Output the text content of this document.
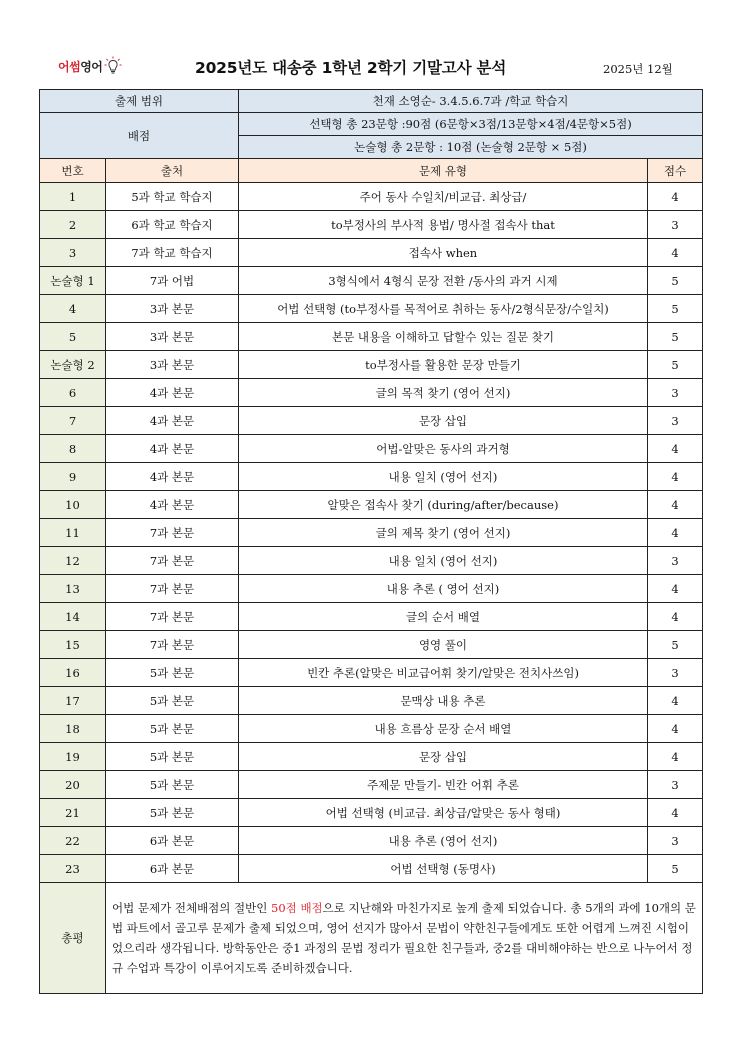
어썸영어	2025년도 대송중 1학년 2학기 기말고사 분석	2025년 12월
출제 범위		천재 소영순- 3.4.5.6.7과 /학교 학습지	
배점		선택형 총 23문항 :90점 (6문항×3점/13문항×4점/4문항×5점)	
		논술형 총 2문항 : 10점 (논술형 2문항 × 5점)	
번호	출처	문제 유형	점수
1	5과 학교 학습지	주어 동사 수일치/비교급. 최상급/	4
2	6과 학교 학습지	to부정사의 부사적 용법/ 명사절 접속사 that	3
3	7과 학교 학습지	접속사 when	4
논술형 1	7과 어법	3형식에서 4형식 문장 전환 /동사의 과거 시제	5
4	3과 본문	어법 선택형 (to부정사를 목적어로 취하는 동사/2형식문장/수일치)	5
5	3과 본문	본문 내용을 이해하고 답할수 있는 질문 찾기	5
논술형 2	3과 본문	to부정사를 활용한 문장 만들기	5
6	4과 본문	글의 목적 찾기 (영어 선지)	3
7	4과 본문	문장 삽입	3
8	4과 본문	어법-알맞은 동사의 과거형	4
9	4과 본문	내용 일치 (영어 선지)	4
10	4과 본문	알맞은 접속사 찾기 (during/after/because)	4
11	7과 본문	글의 제목 찾기 (영어 선지)	4
12	7과 본문	내용 일치 (영어 선지)	3
13	7과 본문	내용 추론 ( 영어 선지)	4
14	7과 본문	글의 순서 배열	4
15	7과 본문	영영 풀이	5
16	5과 본문	빈칸 추론(알맞은 비교급어휘 찾기/알맞은 전치사쓰임)	3
17	5과 본문	문맥상 내용 추론	4
18	5과 본문	내용 흐름상 문장 순서 배열	4
19	5과 본문	문장 삽입	4
20	5과 본문	주제문 만들기- 빈칸 어휘 추론	3
21	5과 본문	어법 선택형 (비교급. 최상급/알맞은 동사 형태)	4
22	6과 본문	내용 추론 (영어 선지)	3
23	6과 본문	어법 선택형 (동명사)	5
총평	어법 문제가 전체배점의 절반인 50점 배점으로 지난해와 마친가지로 높게 출제 되었습니다. 총 5개의 과에 10개의 문법 파트에서 골고루 문제가 출제 되었으며, 영어 선지가 많아서 문법이 약한친구들에게도 또한 어렵게 느껴진 시험이었으리라 생각됩니다. 방학동안은 중1 과정의 문법 정리가 필요한 친구들과, 중2를 대비해야하는 반으로 나누어서 정규 수업과 특강이 이루어지도록 준비하겠습니다.		
